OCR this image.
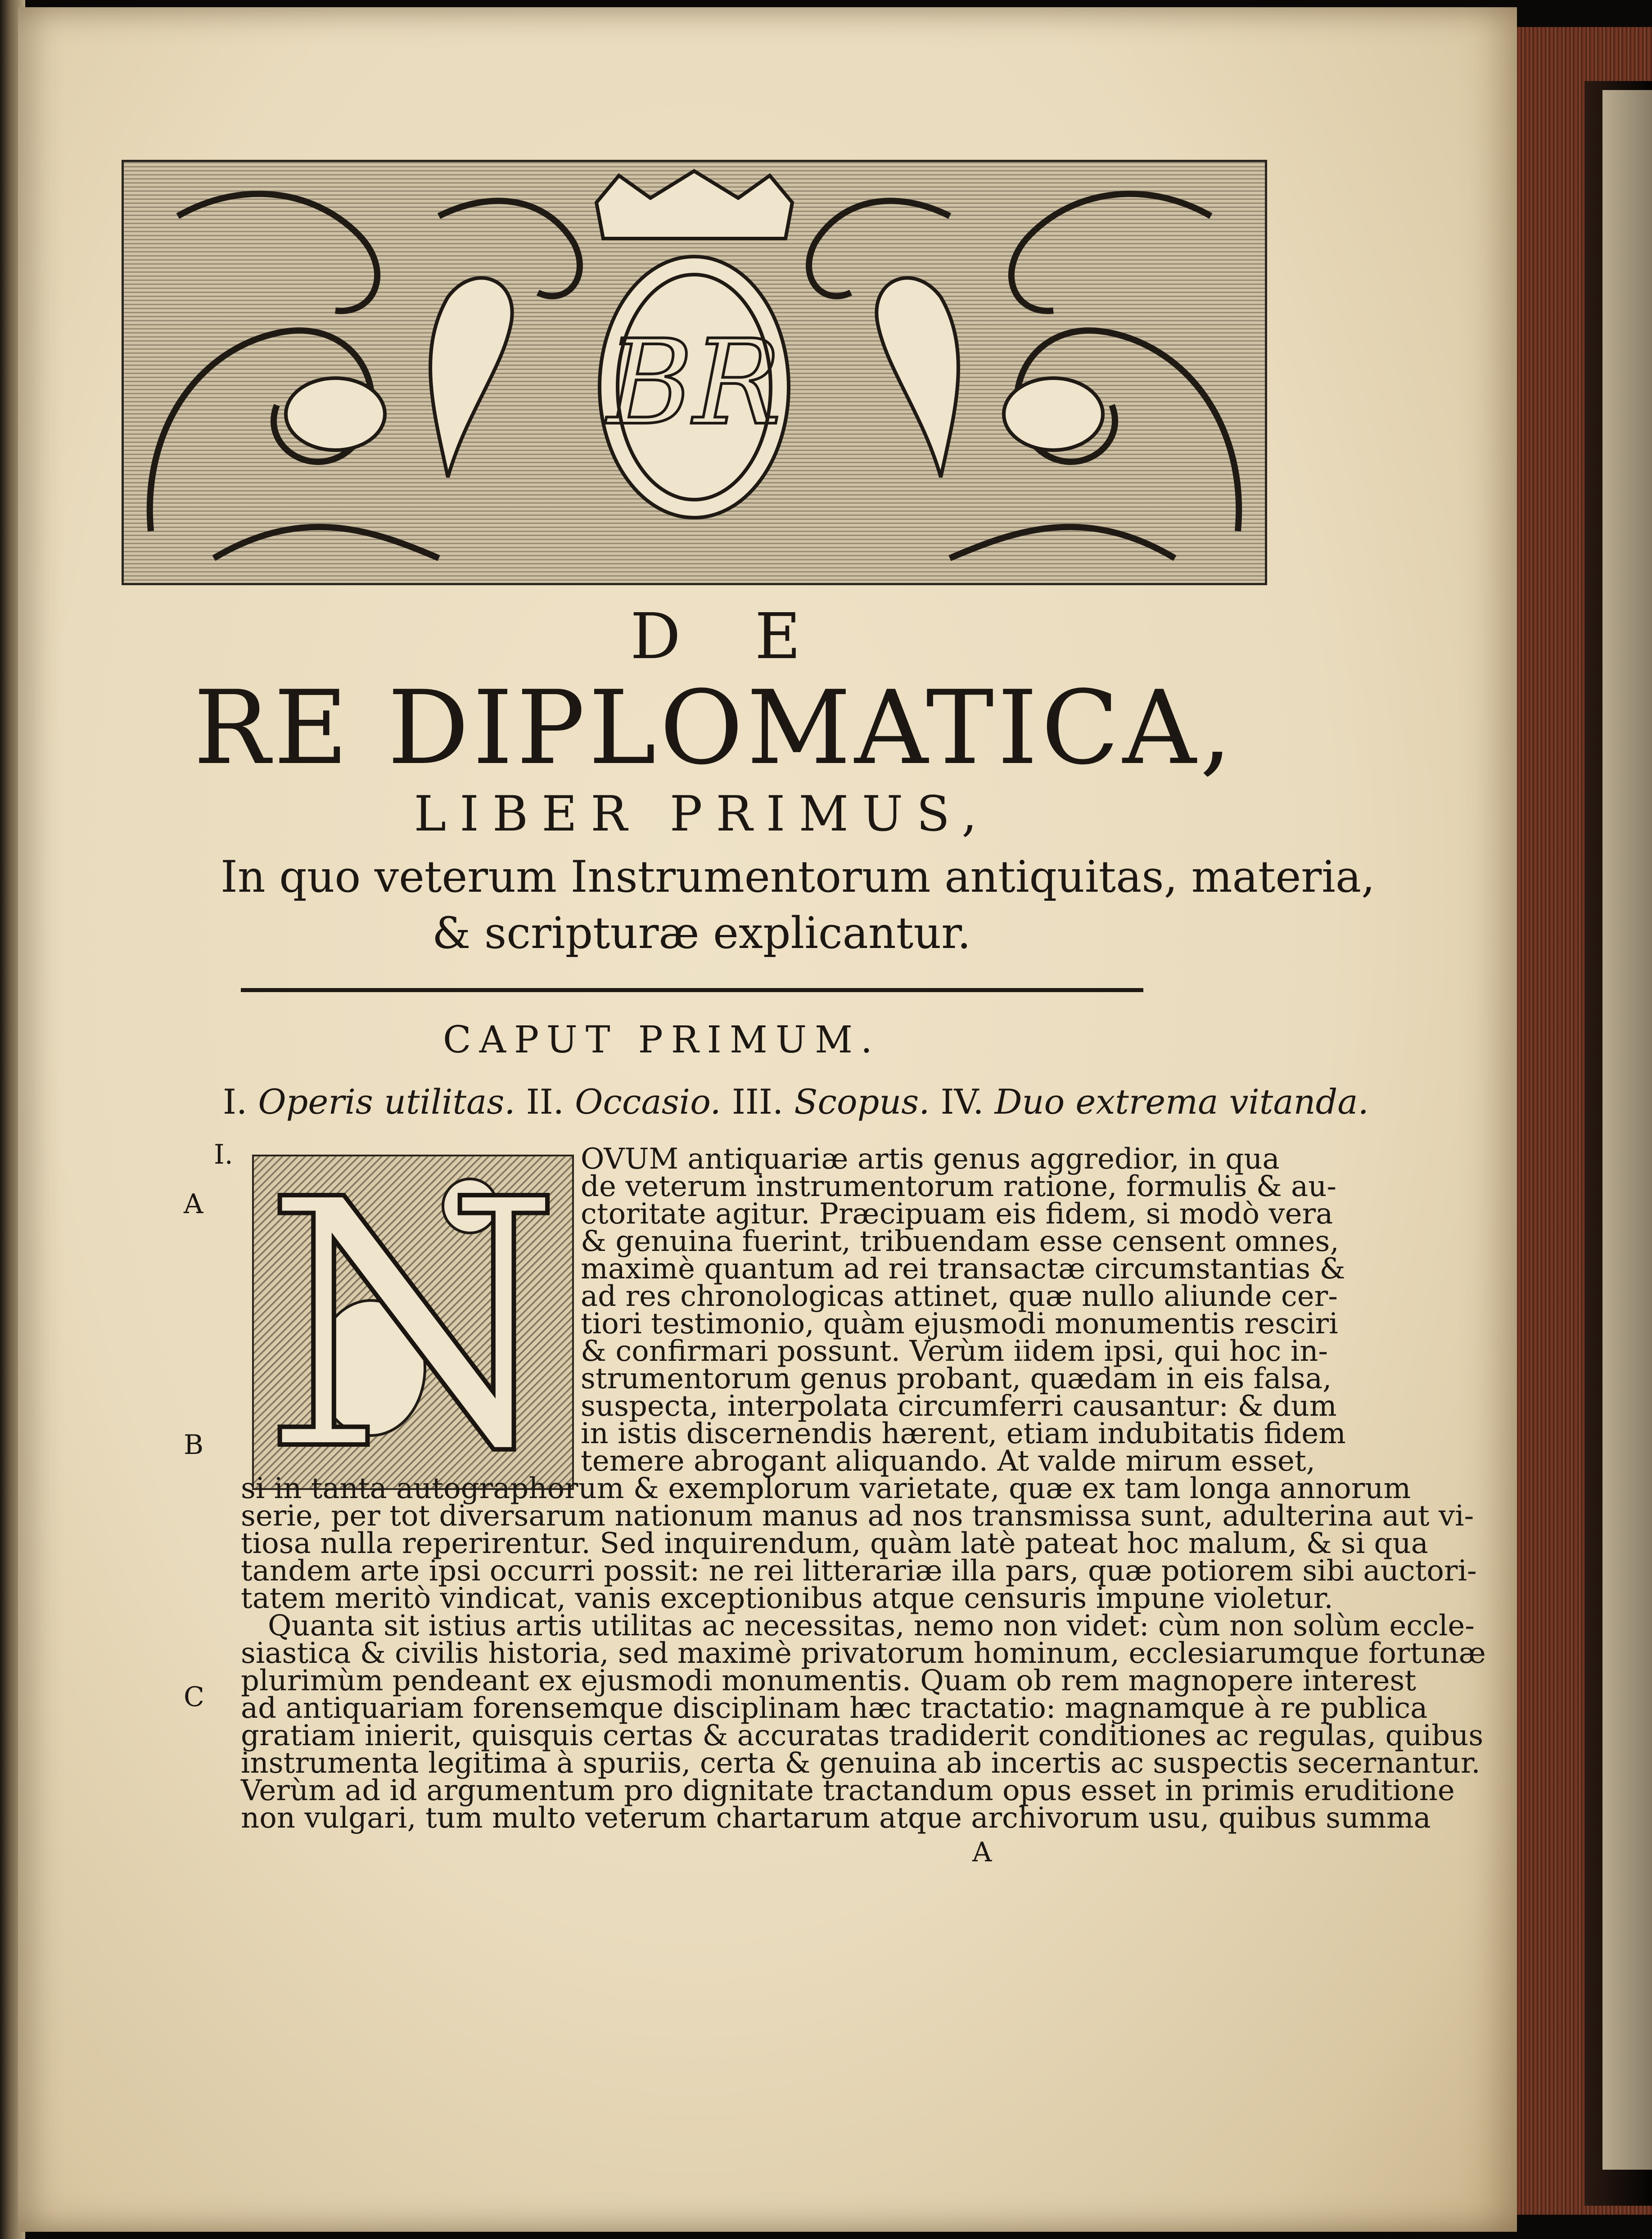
BR
D E
RE DIPLOMATICA,
LIBER PRIMUS,
In quo veterum Instrumentorum antiquitas, materia,
& scripturæ explicantur.
CAPUT PRIMUM.
I. Operis utilitas. II. Occasio. III. Scopus. IV. Duo extrema vitanda.
N
I.
A
B
C
OVUM antiquariæ artis genus aggredior, in qua
de veterum instrumentorum ratione, formulis & au-
ctoritate agitur. Præcipuam eis fidem, si modò vera
& genuina fuerint, tribuendam esse censent omnes,
maximè quantum ad rei transactæ circumstantias &
ad res chronologicas attinet, quæ nullo aliunde cer-
tiori testimonio, quàm ejusmodi monumentis resciri
& confirmari possunt. Verùm iidem ipsi, qui hoc in-
strumentorum genus probant, quædam in eis falsa,
suspecta, interpolata circumferri causantur: & dum
in istis discernendis hærent, etiam indubitatis fidem
temere abrogant aliquando. At valde mirum esset,
si in tanta autographorum & exemplorum varietate, quæ ex tam longa annorum
serie, per tot diversarum nationum manus ad nos transmissa sunt, adulterina aut vi-
tiosa nulla reperirentur. Sed inquirendum, quàm latè pateat hoc malum, & si qua
tandem arte ipsi occurri possit: ne rei litterariæ illa pars, quæ potiorem sibi auctori-
tatem meritò vindicat, vanis exceptionibus atque censuris impune violetur.
Quanta sit istius artis utilitas ac necessitas, nemo non videt: cùm non solùm eccle-
siastica & civilis historia, sed maximè privatorum hominum, ecclesiarumque fortunæ
plurimùm pendeant ex ejusmodi monumentis. Quam ob rem magnopere interest
ad antiquariam forensemque disciplinam hæc tractatio: magnamque à re publica
gratiam inierit, quisquis certas & accuratas tradiderit conditiones ac regulas, quibus
instrumenta legitima à spuriis, certa & genuina ab incertis ac suspectis secernantur.
Verùm ad id argumentum pro dignitate tractandum opus esset in primis eruditione
non vulgari, tum multo veterum chartarum atque archivorum usu, quibus summa
A
